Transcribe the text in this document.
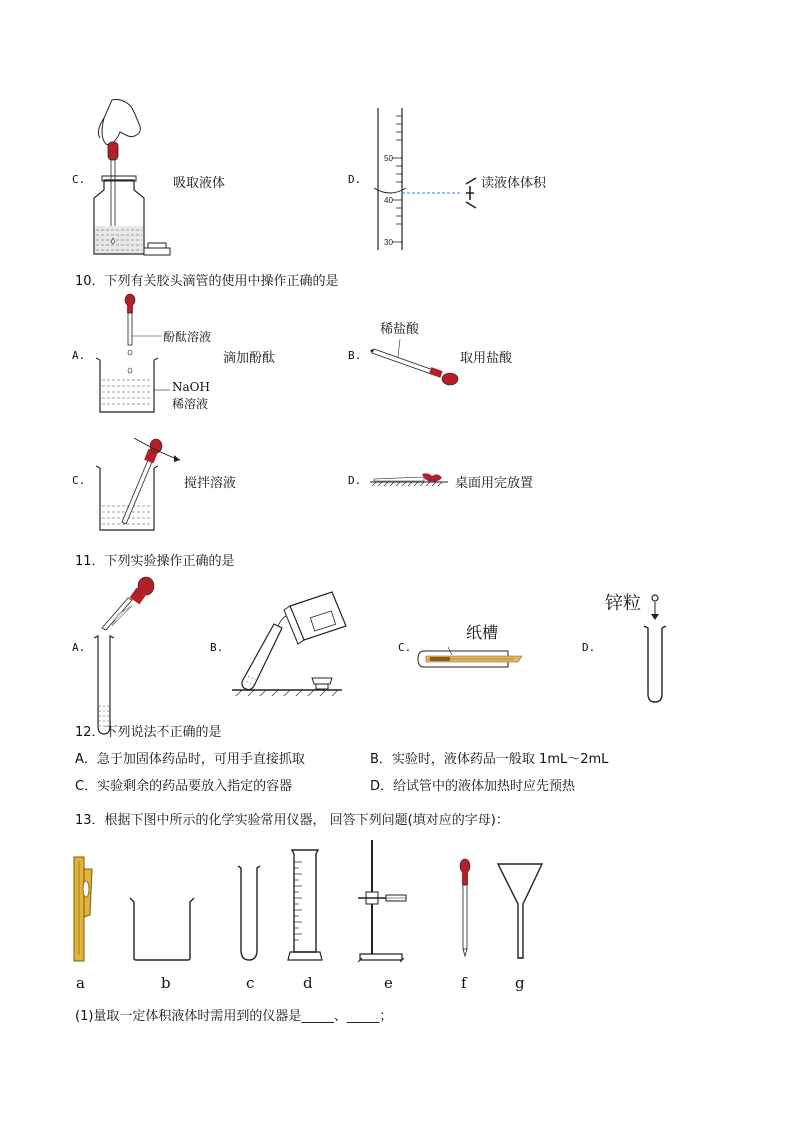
C.	吸取液体	D.
50
40
30
读液体体积
10．下列有关胶头滴管的使用中操作正确的是
A.
酚酞溶液
NaOH
稀溶液
滴加酚酞	B.
稀盐酸
取用盐酸
C.	搅拌溶液	D.	桌面用完放置
11．下列实验操作正确的是
A.	B.	C.
纸槽
D.
锌粒
12．下列说法不正确的是
A．急于加固体药品时，可用手直接抓取	B．实验时，液体药品一般取 1mL～2mL
C．实验剩余的药品要放入指定的容器	D．给试管中的液体加热时应先预热
13．根据下图中所示的化学实验常用仪器， 回答下列问题(填对应的字母)：
a	b	c	d	e	f	g
(1)量取一定体积液体时需用到的仪器是_____、_____；
